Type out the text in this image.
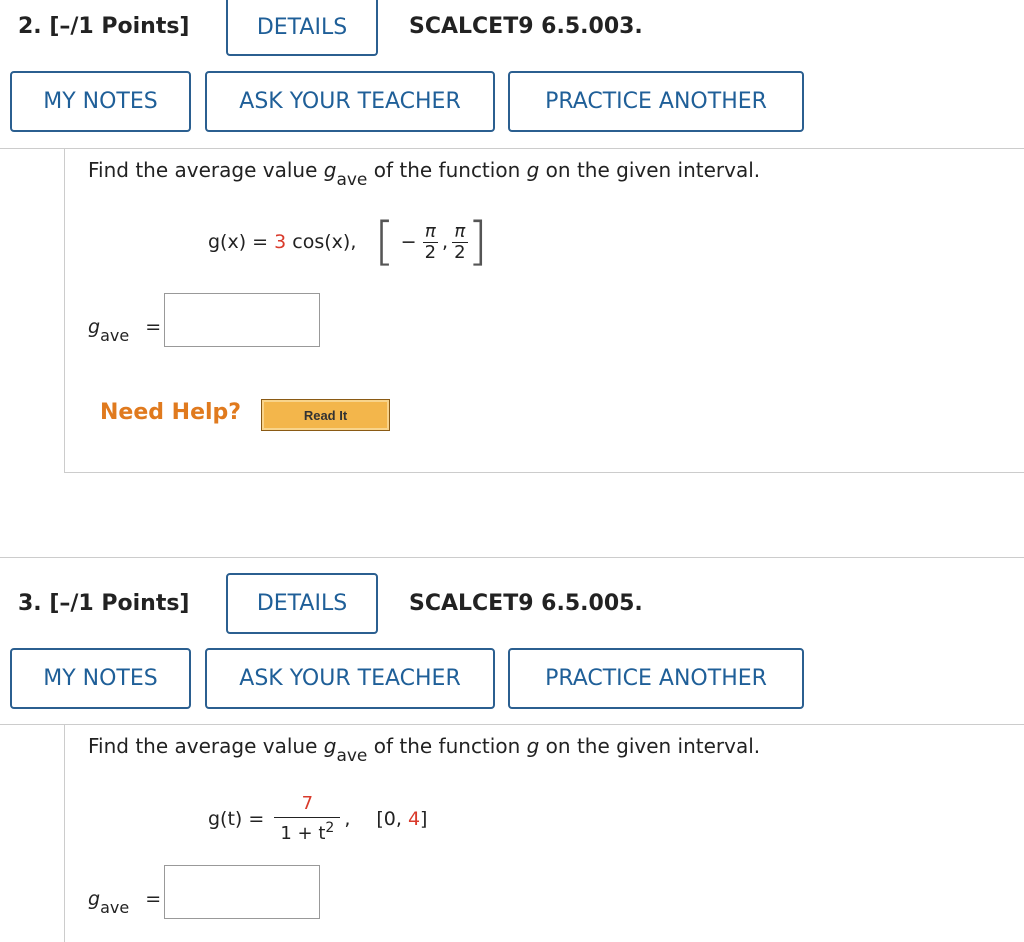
2. [–/1 Points]	DETAILS	SCALCET9 6.5.003.
MY NOTES	ASK YOUR TEACHER	PRACTICE ANOTHER
Find the average value $g_{ave}$ of the function g on the given interval.
g(x) = 3 cos(x), [ − $\frac{\pi}{2}$ , $\frac{\pi}{2}$ ]
$g_{ave}$ =
Need Help?	Read It
3. [–/1 Points]	DETAILS	SCALCET9 6.5.005.
MY NOTES	ASK YOUR TEACHER	PRACTICE ANOTHER
Find the average value $g_{ave}$ of the function g on the given interval.
$g(t) = \frac{7}{1 + t^2}$ , [0, 4 ]
$g_{ave}$ =
